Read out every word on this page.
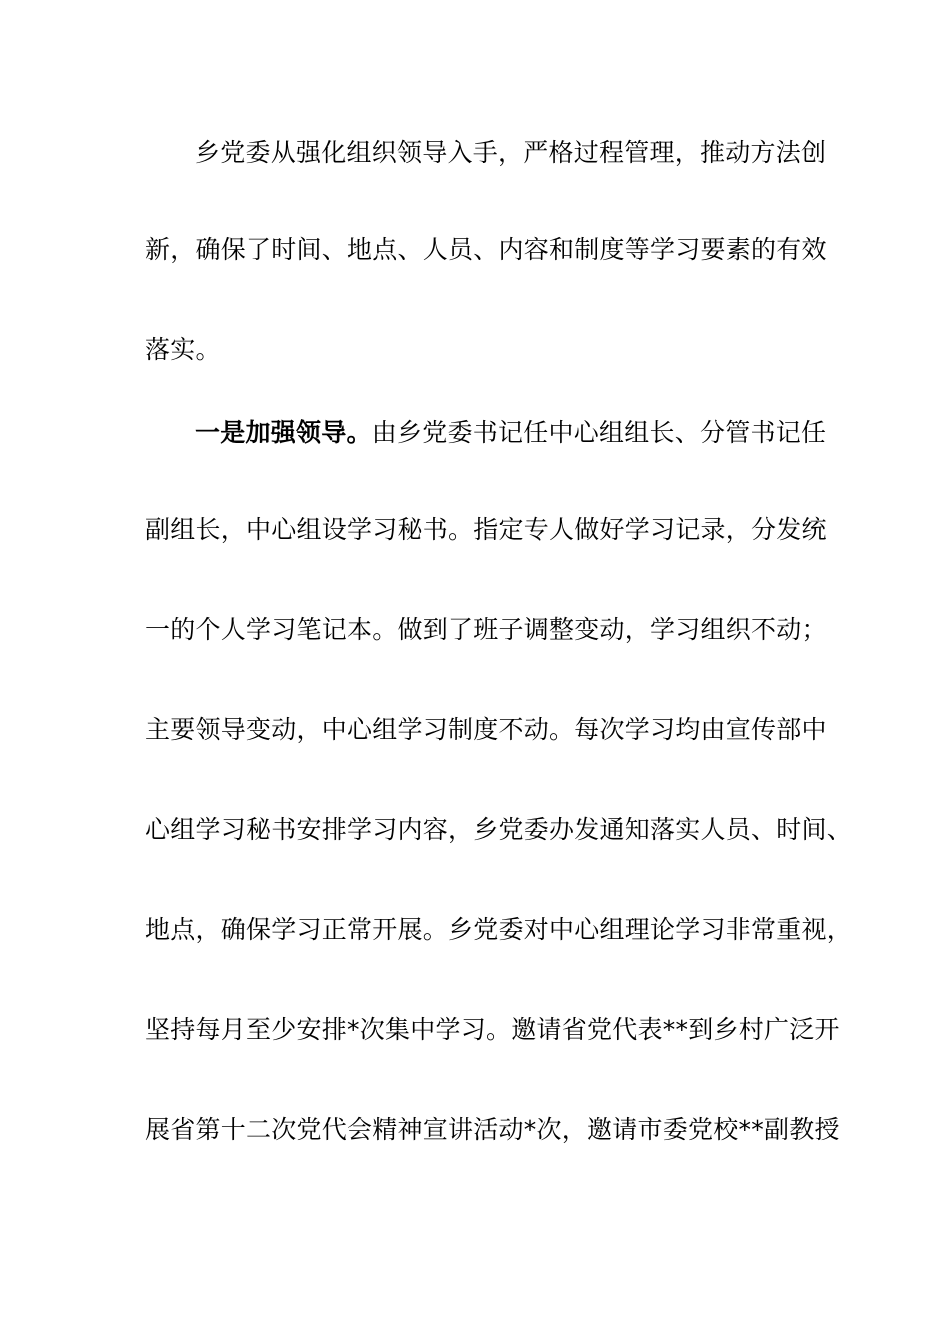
乡党委从强化组织领导入手，严格过程管理，推动方法创
新，确保了时间、地点、人员、内容和制度等学习要素的有效
落实。
一是加强领导。由乡党委书记任中心组组长、分管书记任
副组长，中心组设学习秘书。指定专人做好学习记录，分发统
一的个人学习笔记本。做到了班子调整变动，学习组织不动；
主要领导变动，中心组学习制度不动。每次学习均由宣传部中
心组学习秘书安排学习内容，乡党委办发通知落实人员、时间、
地点，确保学习正常开展。乡党委对中心组理论学习非常重视，
坚持每月至少安排*次集中学习。邀请省党代表**到乡村广泛开
展省第十二次党代会精神宣讲活动*次，邀请市委党校**副教授
